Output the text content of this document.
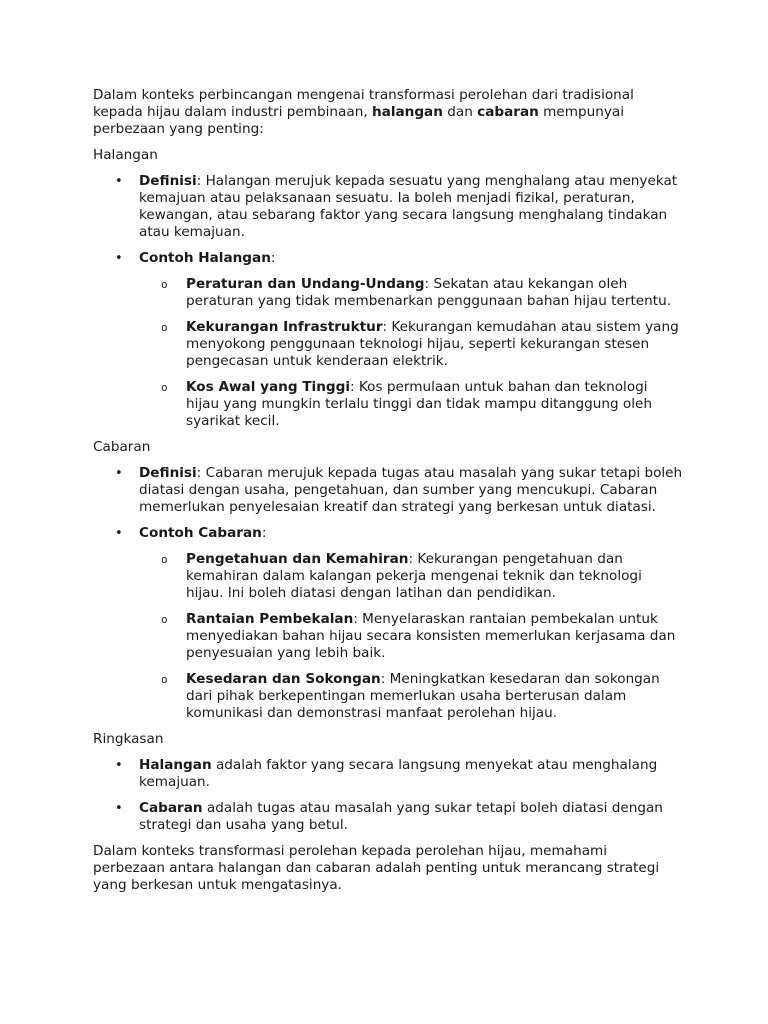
Dalam konteks perbincangan mengenai transformasi perolehan dari tradisional kepada hijau dalam industri pembinaan, halangan dan cabaran mempunyai perbezaan yang penting:

Halangan

• Definisi: Halangan merujuk kepada sesuatu yang menghalang atau menyekat kemajuan atau pelaksanaan sesuatu. Ia boleh menjadi fizikal, peraturan, kewangan, atau sebarang faktor yang secara langsung menghalang tindakan atau kemajuan.
• Contoh Halangan:
o Peraturan dan Undang-Undang: Sekatan atau kekangan oleh peraturan yang tidak membenarkan penggunaan bahan hijau tertentu.
o Kekurangan Infrastruktur: Kekurangan kemudahan atau sistem yang menyokong penggunaan teknologi hijau, seperti kekurangan stesen pengecasan untuk kenderaan elektrik.
o Kos Awal yang Tinggi: Kos permulaan untuk bahan dan teknologi hijau yang mungkin terlalu tinggi dan tidak mampu ditanggung oleh syarikat kecil.

Cabaran

• Definisi: Cabaran merujuk kepada tugas atau masalah yang sukar tetapi boleh diatasi dengan usaha, pengetahuan, dan sumber yang mencukupi. Cabaran memerlukan penyelesaian kreatif dan strategi yang berkesan untuk diatasi.
• Contoh Cabaran:
o Pengetahuan dan Kemahiran: Kekurangan pengetahuan dan kemahiran dalam kalangan pekerja mengenai teknik dan teknologi hijau. Ini boleh diatasi dengan latihan dan pendidikan.
o Rantaian Pembekalan: Menyelaraskan rantaian pembekalan untuk menyediakan bahan hijau secara konsisten memerlukan kerjasama dan penyesuaian yang lebih baik.
o Kesedaran dan Sokongan: Meningkatkan kesedaran dan sokongan dari pihak berkepentingan memerlukan usaha berterusan dalam komunikasi dan demonstrasi manfaat perolehan hijau.

Ringkasan

• Halangan adalah faktor yang secara langsung menyekat atau menghalang kemajuan.
• Cabaran adalah tugas atau masalah yang sukar tetapi boleh diatasi dengan strategi dan usaha yang betul.

Dalam konteks transformasi perolehan kepada perolehan hijau, memahami perbezaan antara halangan dan cabaran adalah penting untuk merancang strategi yang berkesan untuk mengatasinya.
